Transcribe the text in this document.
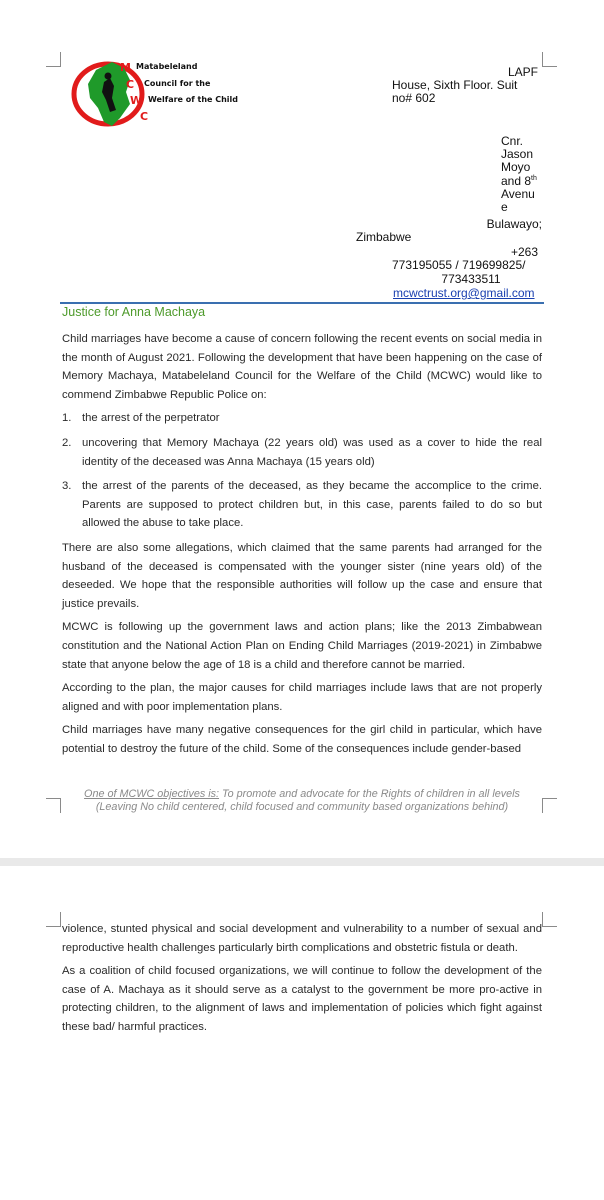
M
C
W
C
Matabeleland
Council for the
Welfare of the Child
LAPF
House, Sixth Floor. Suit
no# 602
Cnr.
Jason
Moyo
and 8th
Avenu
e
Bulawayo;
Zimbabwe
+263
773195055 / 719699825/
773433511
mcwctrust.org@gmail.com
Justice for Anna Machaya

Child marriages have become a cause of concern following the recent events on social media in the month of August 2021. Following the development that have been happening on the case of Memory Machaya, Matabeleland Council for the Welfare of the Child (MCWC) would like to commend Zimbabwe Republic Police on:

1. the arrest of the perpetrator
2. uncovering that Memory Machaya (22 years old) was used as a cover to hide the real identity of the deceased was Anna Machaya (15 years old)
3. the arrest of the parents of the deceased, as they became the accomplice to the crime. Parents are supposed to protect children but, in this case, parents failed to do so but allowed the abuse to take place.

There are also some allegations, which claimed that the same parents had arranged for the husband of the deceased is compensated with the younger sister (nine years old) of the deseeded. We hope that the responsible authorities will follow up the case and ensure that justice prevails.

MCWC is following up the government laws and action plans; like the 2013 Zimbabwean constitution and the National Action Plan on Ending Child Marriages (2019-2021) in Zimbabwe state that anyone below the age of 18 is a child and therefore cannot be married.

According to the plan, the major causes for child marriages include laws that are not properly aligned and with poor implementation plans.

Child marriages have many negative consequences for the girl child in particular, which have potential to destroy the future of the child. Some of the consequences include gender-based

One of MCWC objectives is: To promote and advocate for the Rights of children in all levels
(Leaving No child centered, child focused and community based organizations behind)

violence, stunted physical and social development and vulnerability to a number of sexual and reproductive health challenges particularly birth complications and obstetric fistula or death.

As a coalition of child focused organizations, we will continue to follow the development of the case of A. Machaya as it should serve as a catalyst to the government be more pro-active in protecting children, to the alignment of laws and implementation of policies which fight against these bad/ harmful practices.
